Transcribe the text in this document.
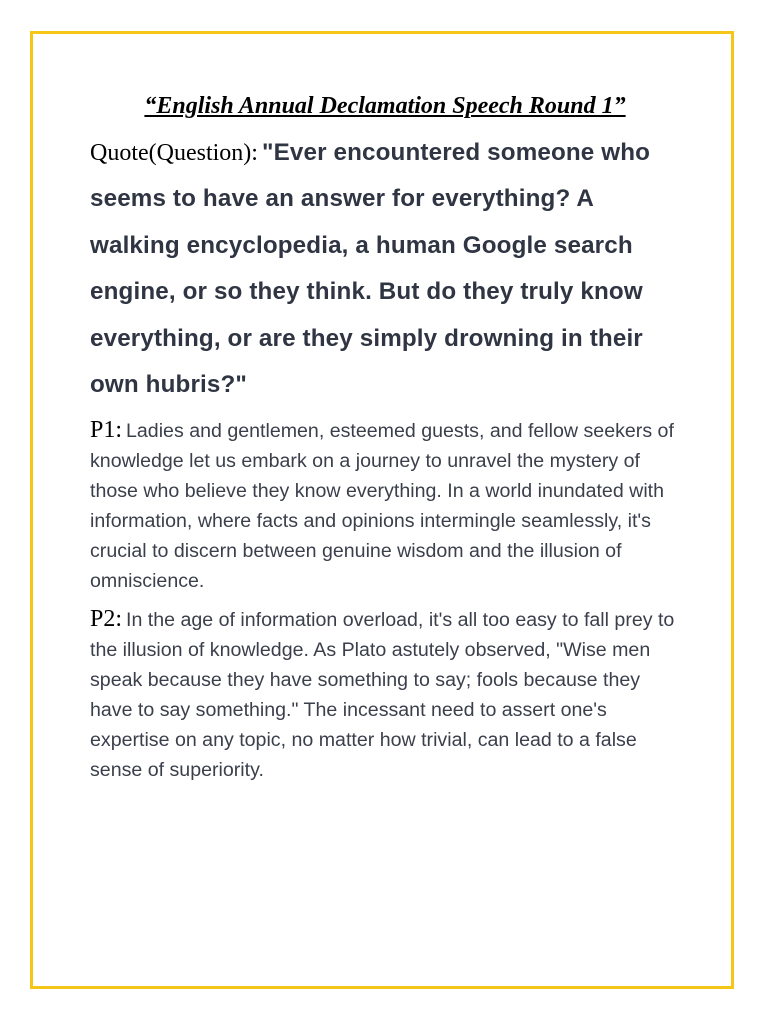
“English Annual Declamation Speech Round 1”
Quote(Question): "Ever encountered someone who seems to have an answer for everything? A walking encyclopedia, a human Google search engine, or so they think. But do they truly know everything, or are they simply drowning in their own hubris?"
P1: Ladies and gentlemen, esteemed guests, and fellow seekers of knowledge let us embark on a journey to unravel the mystery of those who believe they know everything. In a world inundated with information, where facts and opinions intermingle seamlessly, it's crucial to discern between genuine wisdom and the illusion of omniscience.
P2: In the age of information overload, it's all too easy to fall prey to the illusion of knowledge. As Plato astutely observed, "Wise men speak because they have something to say; fools because they have to say something." The incessant need to assert one's expertise on any topic, no matter how trivial, can lead to a false sense of superiority.
